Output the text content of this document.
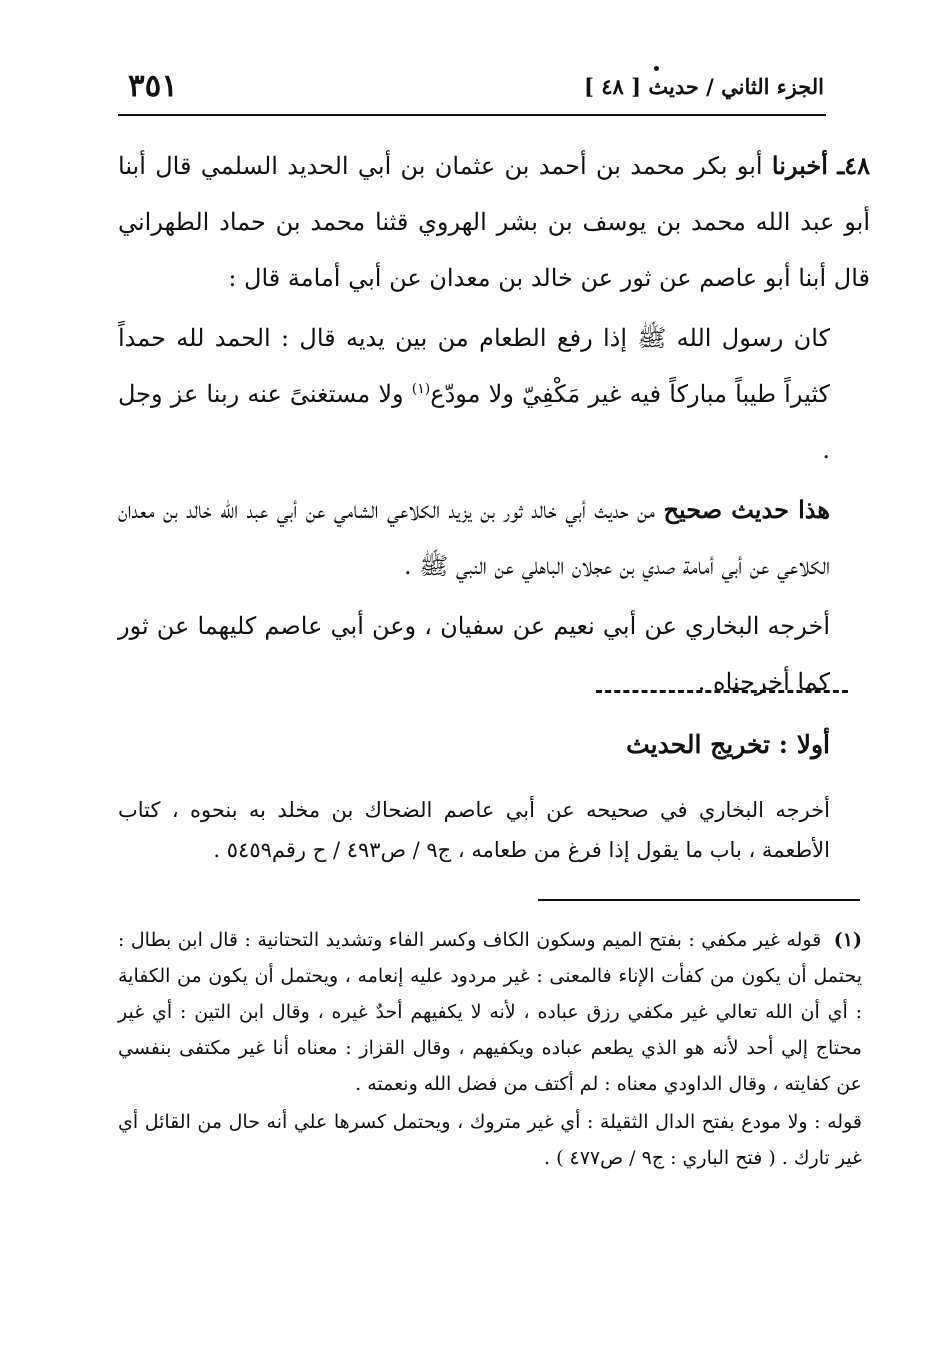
٣٥١	الجزء الثاني / حديث [ ٤٨ ]

٤٨ـ أخبرنا أبو بكر محمد بن أحمد بن عثمان بن أبي الحديد السلمي قال أبنا أبو عبد الله محمد بن يوسف بن بشر الهروي قثنا محمد بن حماد الطهراني قال أبنا أبو عاصم عن ثور عن خالد بن معدان عن أبي أمامة قال :

كان رسول الله ﷺ إذا رفع الطعام من بين يديه قال : الحمد لله حمداً كثيراً طيباً مباركاً فيه غير مَكْفِيّ ولا مودّع$^{(١)}$ ولا مستغنىً عنه ربنا عز وجل .

هذا حديث صحيح من حديث أبي خالد ثور بن يزيد الكلاعي الشامي عن أبي عبد الله خالد بن معدان الكلاعي عن أبي أمامة صدي بن عجلان الباهلي عن النبي ﷺ .

أخرجه البخاري عن أبي نعيم عن سفيان ، وعن أبي عاصم كليهما عن ثور كما أخرجناه .

أولا : تخريج الحديث
أخرجه البخاري في صحيحه عن أبي عاصم الضحاك بن مخلد به بنحوه ، كتاب الأطعمة ، باب ما يقول إذا فرغ من طعامه ، ج٩ / ص٤٩٣ / ح رقم٥٤٥٩ .

(١) قوله غير مكفي : بفتح الميم وسكون الكاف وكسر الفاء وتشديد التحتانية : قال ابن بطال : يحتمل أن يكون من كفأت الإناء فالمعنى : غير مردود عليه إنعامه ، ويحتمل أن يكون من الكفاية : أي أن الله تعالي غير مكفي رزق عباده ، لأنه لا يكفيهم أحدٌ غيره ، وقال ابن التين : أي غير محتاج إلي أحد لأنه هو الذي يطعم عباده ويكفيهم ، وقال القزاز : معناه أنا غير مكتفى بنفسي عن كفايته ، وقال الداودي معناه : لم أكتف من فضل الله ونعمته .

قوله : ولا مودع بفتح الدال الثقيلة : أي غير متروك ، ويحتمل كسرها علي أنه حال من القائل أي غير تارك . ( فتح الباري : ج٩ / ص٤٧٧ ) .
